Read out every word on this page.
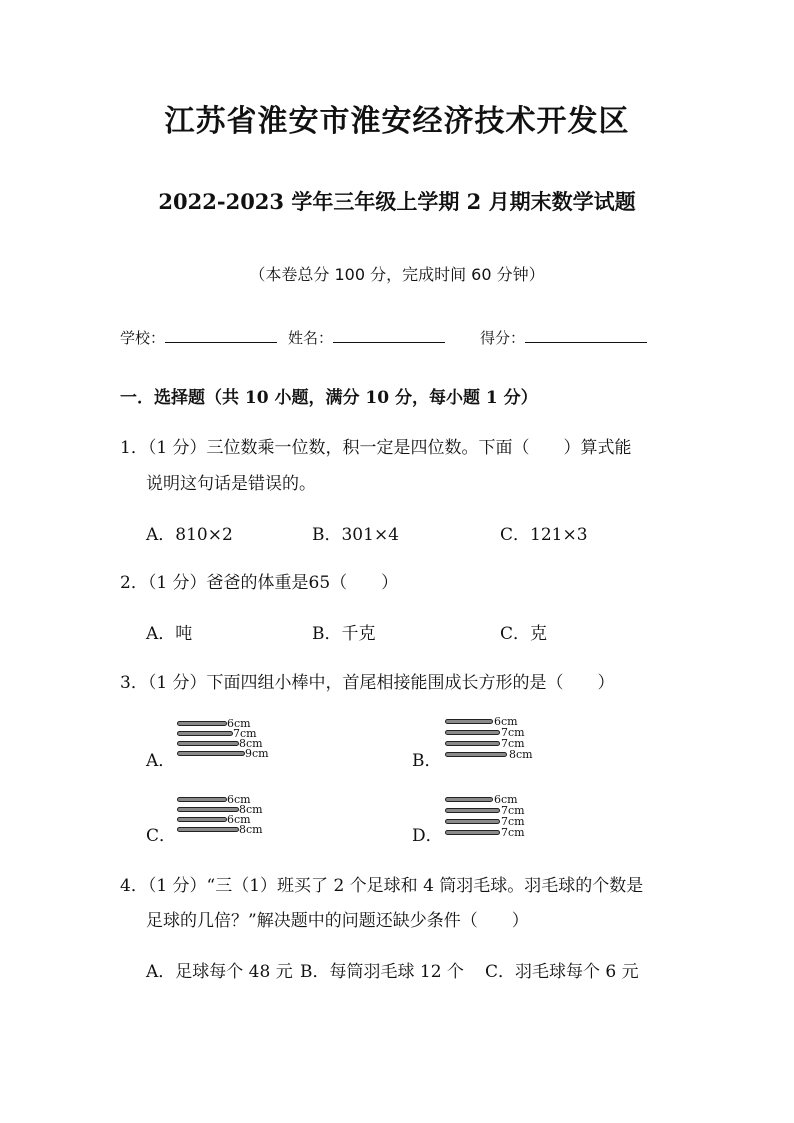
江苏省淮安市淮安经济技术开发区
2022-2023 学年三年级上学期 2 月期末数学试题
（本卷总分 100 分，完成时间 60 分钟）
学校：	姓名：	得分：
一．选择题（共 10 小题，满分 10 分，每小题 1 分）
1．（1 分）三位数乘一位数，积一定是四位数。下面（　　）算式能
说明这句话是错误的。
A．810×2	B．301×4	C．121×3
2．（1 分）爸爸的体重是65（　　）
A．吨	B．千克	C．克
3．（1 分）下面四组小棒中，首尾相接能围成长方形的是（　　）
A．
6cm
7cm
8cm
9cm	B．
6cm
7cm
7cm
8cm
C．
6cm
8cm
6cm
8cm	D．
6cm
7cm
7cm
7cm
4．（1 分）“三（1）班买了 2 个足球和 4 筒羽毛球。羽毛球的个数是
足球的几倍？”解决题中的问题还缺少条件（　　）
A．足球每个 48 元 B．每筒羽毛球 12 个 C．羽毛球每个 6 元
